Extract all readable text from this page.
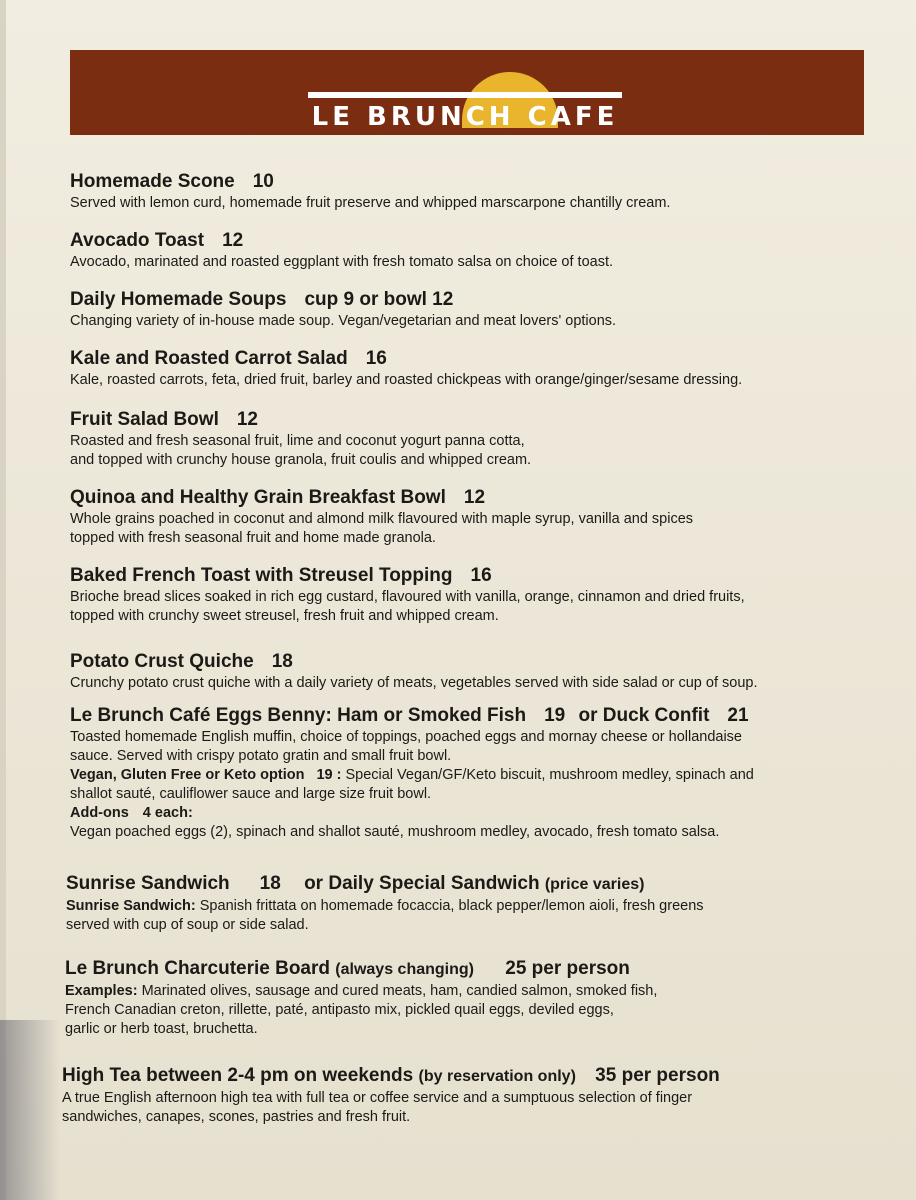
LE BRUNCH CAFE
Homemade Scone 10
Served with lemon curd, homemade fruit preserve and whipped marscarpone chantilly cream.
Avocado Toast 12
Avocado, marinated and roasted eggplant with fresh tomato salsa on choice of toast.
Daily Homemade Soups cup 9 or bowl 12
Changing variety of in-house made soup. Vegan/vegetarian and meat lovers' options.
Kale and Roasted Carrot Salad 16
Kale, roasted carrots, feta, dried fruit, barley and roasted chickpeas with orange/ginger/sesame dressing.
Fruit Salad Bowl 12
Roasted and fresh seasonal fruit, lime and coconut yogurt panna cotta,
and topped with crunchy house granola, fruit coulis and whipped cream.
Quinoa and Healthy Grain Breakfast Bowl 12
Whole grains poached in coconut and almond milk flavoured with maple syrup, vanilla and spices
topped with fresh seasonal fruit and home made granola.
Baked French Toast with Streusel Topping 16
Brioche bread slices soaked in rich egg custard, flavoured with vanilla, orange, cinnamon and dried fruits,
topped with crunchy sweet streusel, fresh fruit and whipped cream.
Potato Crust Quiche 18
Crunchy potato crust quiche with a daily variety of meats, vegetables served with side salad or cup of soup.
Le Brunch Café Eggs Benny: Ham or Smoked Fish 19 or Duck Confit 21
Toasted homemade English muffin, choice of toppings, poached eggs and mornay cheese or hollandaise
sauce. Served with crispy potato gratin and small fruit bowl.
Vegan, Gluten Free or Keto option 19 : Special Vegan/GF/Keto biscuit, mushroom medley, spinach and
shallot sauté, cauliflower sauce and large size fruit bowl.
Add-ons 4 each:
Vegan poached eggs (2), spinach and shallot sauté, mushroom medley, avocado, fresh tomato salsa.
Sunrise Sandwich 18 or Daily Special Sandwich (price varies)
Sunrise Sandwich: Spanish frittata on homemade focaccia, black pepper/lemon aioli, fresh greens
served with cup of soup or side salad.
Le Brunch Charcuterie Board (always changing) 25 per person
Examples: Marinated olives, sausage and cured meats, ham, candied salmon, smoked fish,
French Canadian creton, rillette, paté, antipasto mix, pickled quail eggs, deviled eggs,
garlic or herb toast, bruchetta.
High Tea between 2-4 pm on weekends (by reservation only) 35 per person
A true English afternoon high tea with full tea or coffee service and a sumptuous selection of finger
sandwiches, canapes, scones, pastries and fresh fruit.
